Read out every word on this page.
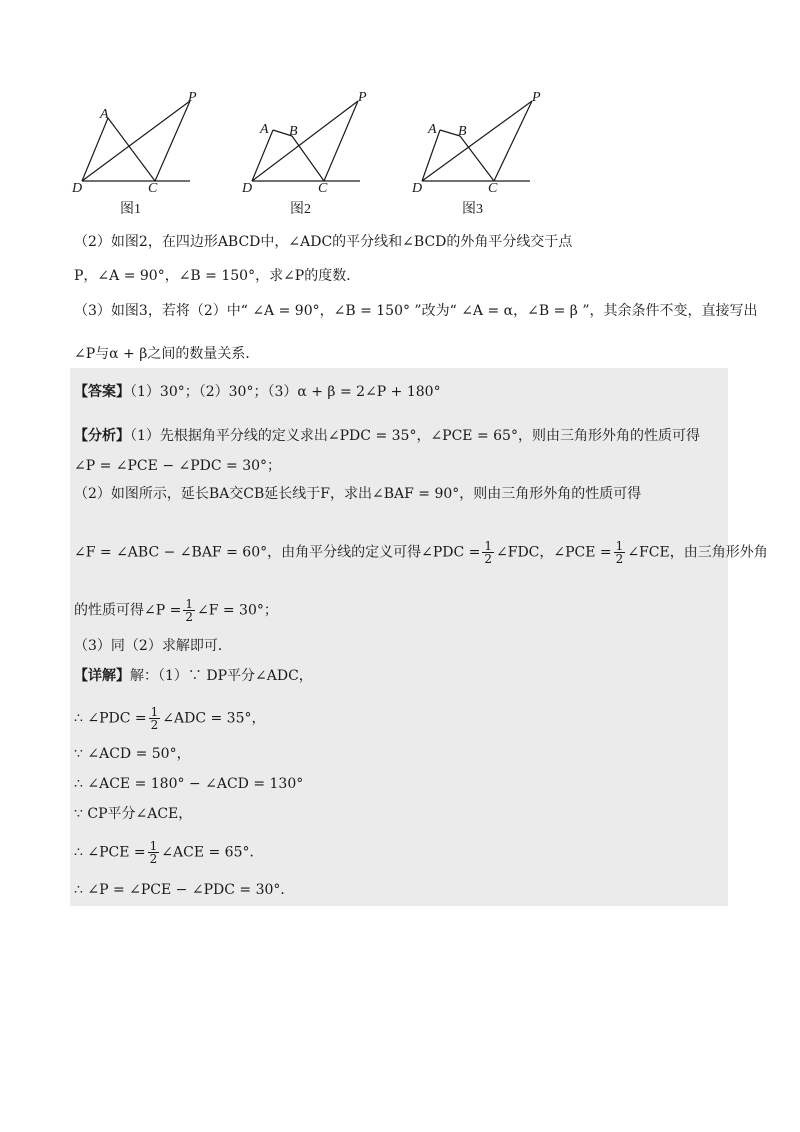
A
P
D	C
图1
A B
P
D	C
图2
A B
P
D	C
图3
（2）如图2，在四边形ABCD中，∠ADC的平分线和∠BCD的外角平分线交于点
P，∠A = 90°，∠B = 150°，求∠P的度数．
（3）如图3，若将（2）中“ ∠A = 90°，∠B = 150° ”改为“ ∠A = α，∠B = β ”，其余条件不变，直接写出
∠P与α + β之间的数量关系．
【答案】（1）30°；（2）30°；（3）α + β = 2∠P + 180°
【分析】（1）先根据角平分线的定义求出∠PDC = 35°，∠PCE = 65°，则由三角形外角的性质可得
∠P = ∠PCE − ∠PDC = 30°；
（2）如图所示，延长BA交CB延长线于F，求出∠BAF = 90°，则由三角形外角的性质可得
∠F = ∠ABC − ∠BAF = 60°，由角平分线的定义可得∠PDC = $\frac{1}{2}$ ∠FDC，∠PCE = $\frac{1}{2}$ ∠FCE，由三角形外角
的性质可得∠P = $\frac{1}{2}$ ∠F = 30°；
（3）同（2）求解即可．
【详解】解：（1）∵ DP平分∠ADC，
∴ ∠PDC = $\frac{1}{2}$ ∠ADC = 35°，
∵ ∠ACD = 50°，
∴ ∠ACE = 180° − ∠ACD = 130°
∵ CP平分∠ACE，
∴ ∠PCE = $\frac{1}{2}$ ∠ACE = 65°．
∴ ∠P = ∠PCE − ∠PDC = 30°．
